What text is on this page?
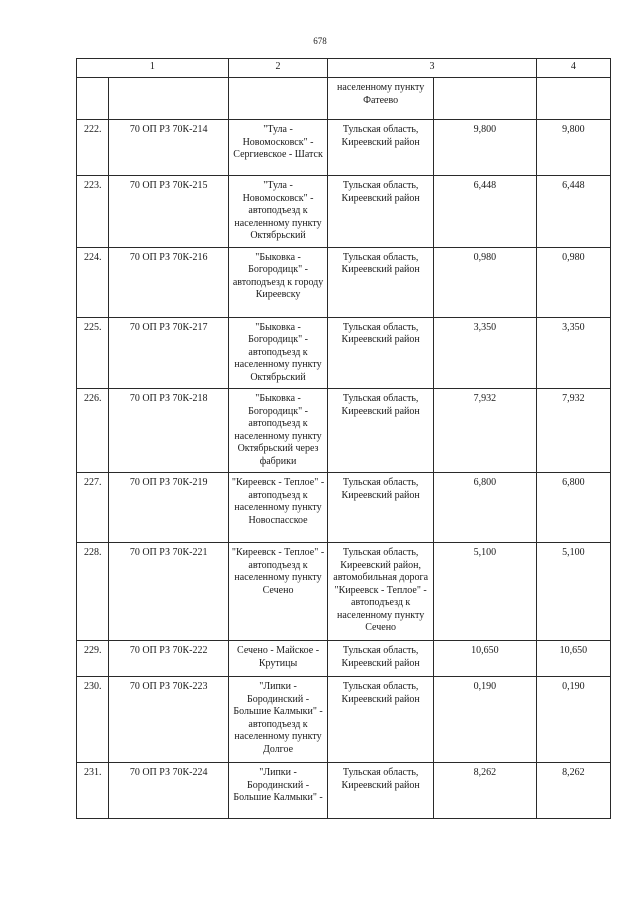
678
1		2	3		4
			населенному пункту Фатеево		
222.	70 ОП РЗ 70К-214	"Тула - Новомосковск" - Сергиевское - Шатск	Тульская область, Киреевский район	9,800	9,800
223.	70 ОП РЗ 70К-215	"Тула - Новомосковск" - автоподъезд к населенному пункту Октябрьский	Тульская область, Киреевский район	6,448	6,448
224.	70 ОП РЗ 70К-216	"Быковка - Богородицк" - автоподъезд к городу Киреевску	Тульская область, Киреевский район	0,980	0,980
225.	70 ОП РЗ 70К-217	"Быковка - Богородицк" - автоподъезд к населенному пункту Октябрьский	Тульская область, Киреевский район	3,350	3,350
226.	70 ОП РЗ 70К-218	"Быковка - Богородицк" - автоподъезд к населенному пункту Октябрьский через фабрики	Тульская область, Киреевский район	7,932	7,932
227.	70 ОП РЗ 70К-219	"Киреевск - Теплое" - автоподъезд к населенному пункту Новоспасское	Тульская область, Киреевский район	6,800	6,800
228.	70 ОП РЗ 70К-221	"Киреевск - Теплое" - автоподъезд к населенному пункту Сечено	Тульская область, Киреевский район, автомобильная дорога "Киреевск - Теплое" - автоподъезд к населенному пункту Сечено	5,100	5,100
229.	70 ОП РЗ 70К-222	Сечено - Майское - Крутицы	Тульская область, Киреевский район	10,650	10,650
230.	70 ОП РЗ 70К-223	"Липки - Бородинский - Большие Калмыки" - автоподъезд к населенному пункту Долгое	Тульская область, Киреевский район	0,190	0,190
231.	70 ОП РЗ 70К-224	"Липки - Бородинский - Большие Калмыки" -	Тульская область, Киреевский район	8,262	8,262
